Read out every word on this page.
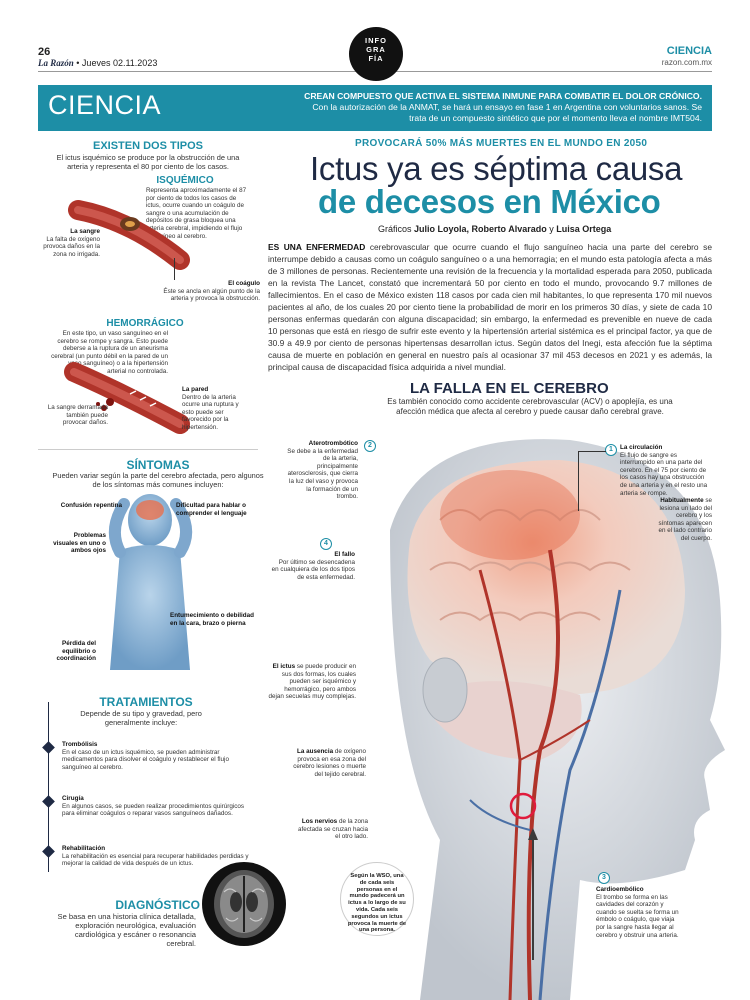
26
La Razón • Jueves 02.11.2023
CIENCIA
razon.com.mx
INFO
GRA
FÍA
CIENCIA	CREAN COMPUESTO QUE ACTIVA EL SISTEMA INMUNE PARA COMBATIR EL DOLOR CRÓNICO. Con la autorización de la ANMAT, se hará un ensayo en fase 1 en Argentina con voluntarios sanos. Se trata de un compuesto sintético que por el momento lleva el nombre IMT504.
PROVOCARÁ 50% MÁS MUERTES EN EL MUNDO EN 2050
Ictus ya es séptima causa
de decesos en México
Gráficos Julio Loyola, Roberto Alvarado y Luisa Ortega
ES UNA ENFERMEDAD cerebrovascular que ocurre cuando el flujo sanguíneo hacia una parte del cerebro se interrumpe debido a causas como un coágulo sanguíneo o a una hemorragia; en el mundo esta patología afecta a más de 3 millones de personas. Recientemente una revisión de la frecuencia y la mortalidad esperada para 2050, publicada en la revista The Lancet, constató que incrementará 50 por ciento en todo el mundo, provocando 9.7 millones de fallecimientos. En el caso de México existen 118 casos por cada cien mil habitantes, lo que representa 170 mil nuevos pacientes al año, de los cuales 20 por ciento tiene la probabilidad de morir en los primeros 30 días, y siete de cada 10 personas enfermas quedarán con alguna discapacidad; sin embargo, la enfermedad es prevenible en nueve de cada 10 personas que está en riesgo de sufrir este evento y la hipertensión arterial sistémica es el principal factor, ya que de 30.9 a 49.9 por ciento de personas hipertensas desarrollan ictus. Según datos del Inegi, esta afección fue la séptima causa de muerte en población en general en nuestro país al ocasionar 37 mil 453 decesos en 2021 y es además, la principal causa de discapacidad física adquirida a nivel mundial.
EXISTEN DOS TIPOS
El ictus isquémico se produce por la obstrucción de una arteria y representa el 80 por ciento de los casos.
ISQUÉMICO
Representa aproximadamente el 87 por ciento de todos los casos de ictus, ocurre cuando un coágulo de sangre o una acumulación de depósitos de grasa bloquea una arteria cerebral, impidiendo el flujo sanguíneo al cerebro.
La sangre
La falta de oxígeno provoca daños en la zona no irrigada.
El coágulo
Éste se ancla en algún punto de la arteria y provoca la obstrucción.
HEMORRÁGICO
En este tipo, un vaso sanguíneo en el cerebro se rompe y sangra. Esto puede deberse a la ruptura de un aneurisma cerebral (un punto débil en la pared de un vaso sanguíneo) o a la hipertensión arterial no controlada.
La pared
Dentro de la arteria ocurre una ruptura y esto puede ser favorecido por la hipertensión.
La sangre derramada también puede provocar daños.
SÍNTOMAS
Pueden variar según la parte del cerebro afectada, pero algunos de los síntomas más comunes incluyen:
Confusión repentina	Dificultad para hablar o comprender el lenguaje
Problemas visuales en uno o ambos ojos
Entumecimiento o debilidad en la cara, brazo o pierna
Pérdida del equilibrio o coordinación
TRATAMIENTOS
Depende de su tipo y gravedad, pero generalmente incluye:
Trombólisis
En el caso de un ictus isquémico, se pueden administrar medicamentos para disolver el coágulo y restablecer el flujo sanguíneo al cerebro.
Cirugía
En algunos casos, se pueden realizar procedimientos quirúrgicos para eliminar coágulos o reparar vasos sanguíneos dañados.
Rehabilitación
La rehabilitación es esencial para recuperar habilidades perdidas y mejorar la calidad de vida después de un ictus.
DIAGNÓSTICO
Se basa en una historia clínica detallada, exploración neurológica, evaluación cardiológica y escáner o resonancia cerebral.
LA FALLA EN EL CEREBRO
Es también conocido como accidente cerebrovascular (ACV) o apoplejía, es una afección médica que afecta al cerebro y puede causar daño cerebral grave.
2
Aterotrombótico
Se debe a la enfermedad de la arteria, principalmente aterosclerosis, que cierra la luz del vaso y provoca la formación de un trombo.
1	La circulación
El flujo de sangre es interrumpido en una parte del cerebro. En el 75 por ciento de los casos hay una obstrucción de una arteria y en el resto una arteria se rompe.
Habitualmente se lesiona un lado del cerebro y los síntomas aparecen en el lado contrario del cuerpo.
4
El fallo
Por último se desencadena en cualquiera de los dos tipos de esta enfermedad.
El ictus se puede producir en sus dos formas, los cuales pueden ser isquémico y hemorrágico, pero ambos dejan secuelas muy complejas.
La ausencia de oxígeno provoca en esa zona del cerebro lesiones o muerte del tejido cerebral.
Los nervios de la zona afectada se cruzan hacia el otro lado.
3
Cardioembólico
El trombo se forma en las cavidades del corazón y cuando se suelta se forma un émbolo o coágulo, que viaja por la sangre hasta llegar al cerebro y obstruir una arteria.
Según la WSO, una de cada seis personas en el mundo padecerá un ictus a lo largo de su vida. Cada seis segundos un ictus provoca la muerte de una persona.
